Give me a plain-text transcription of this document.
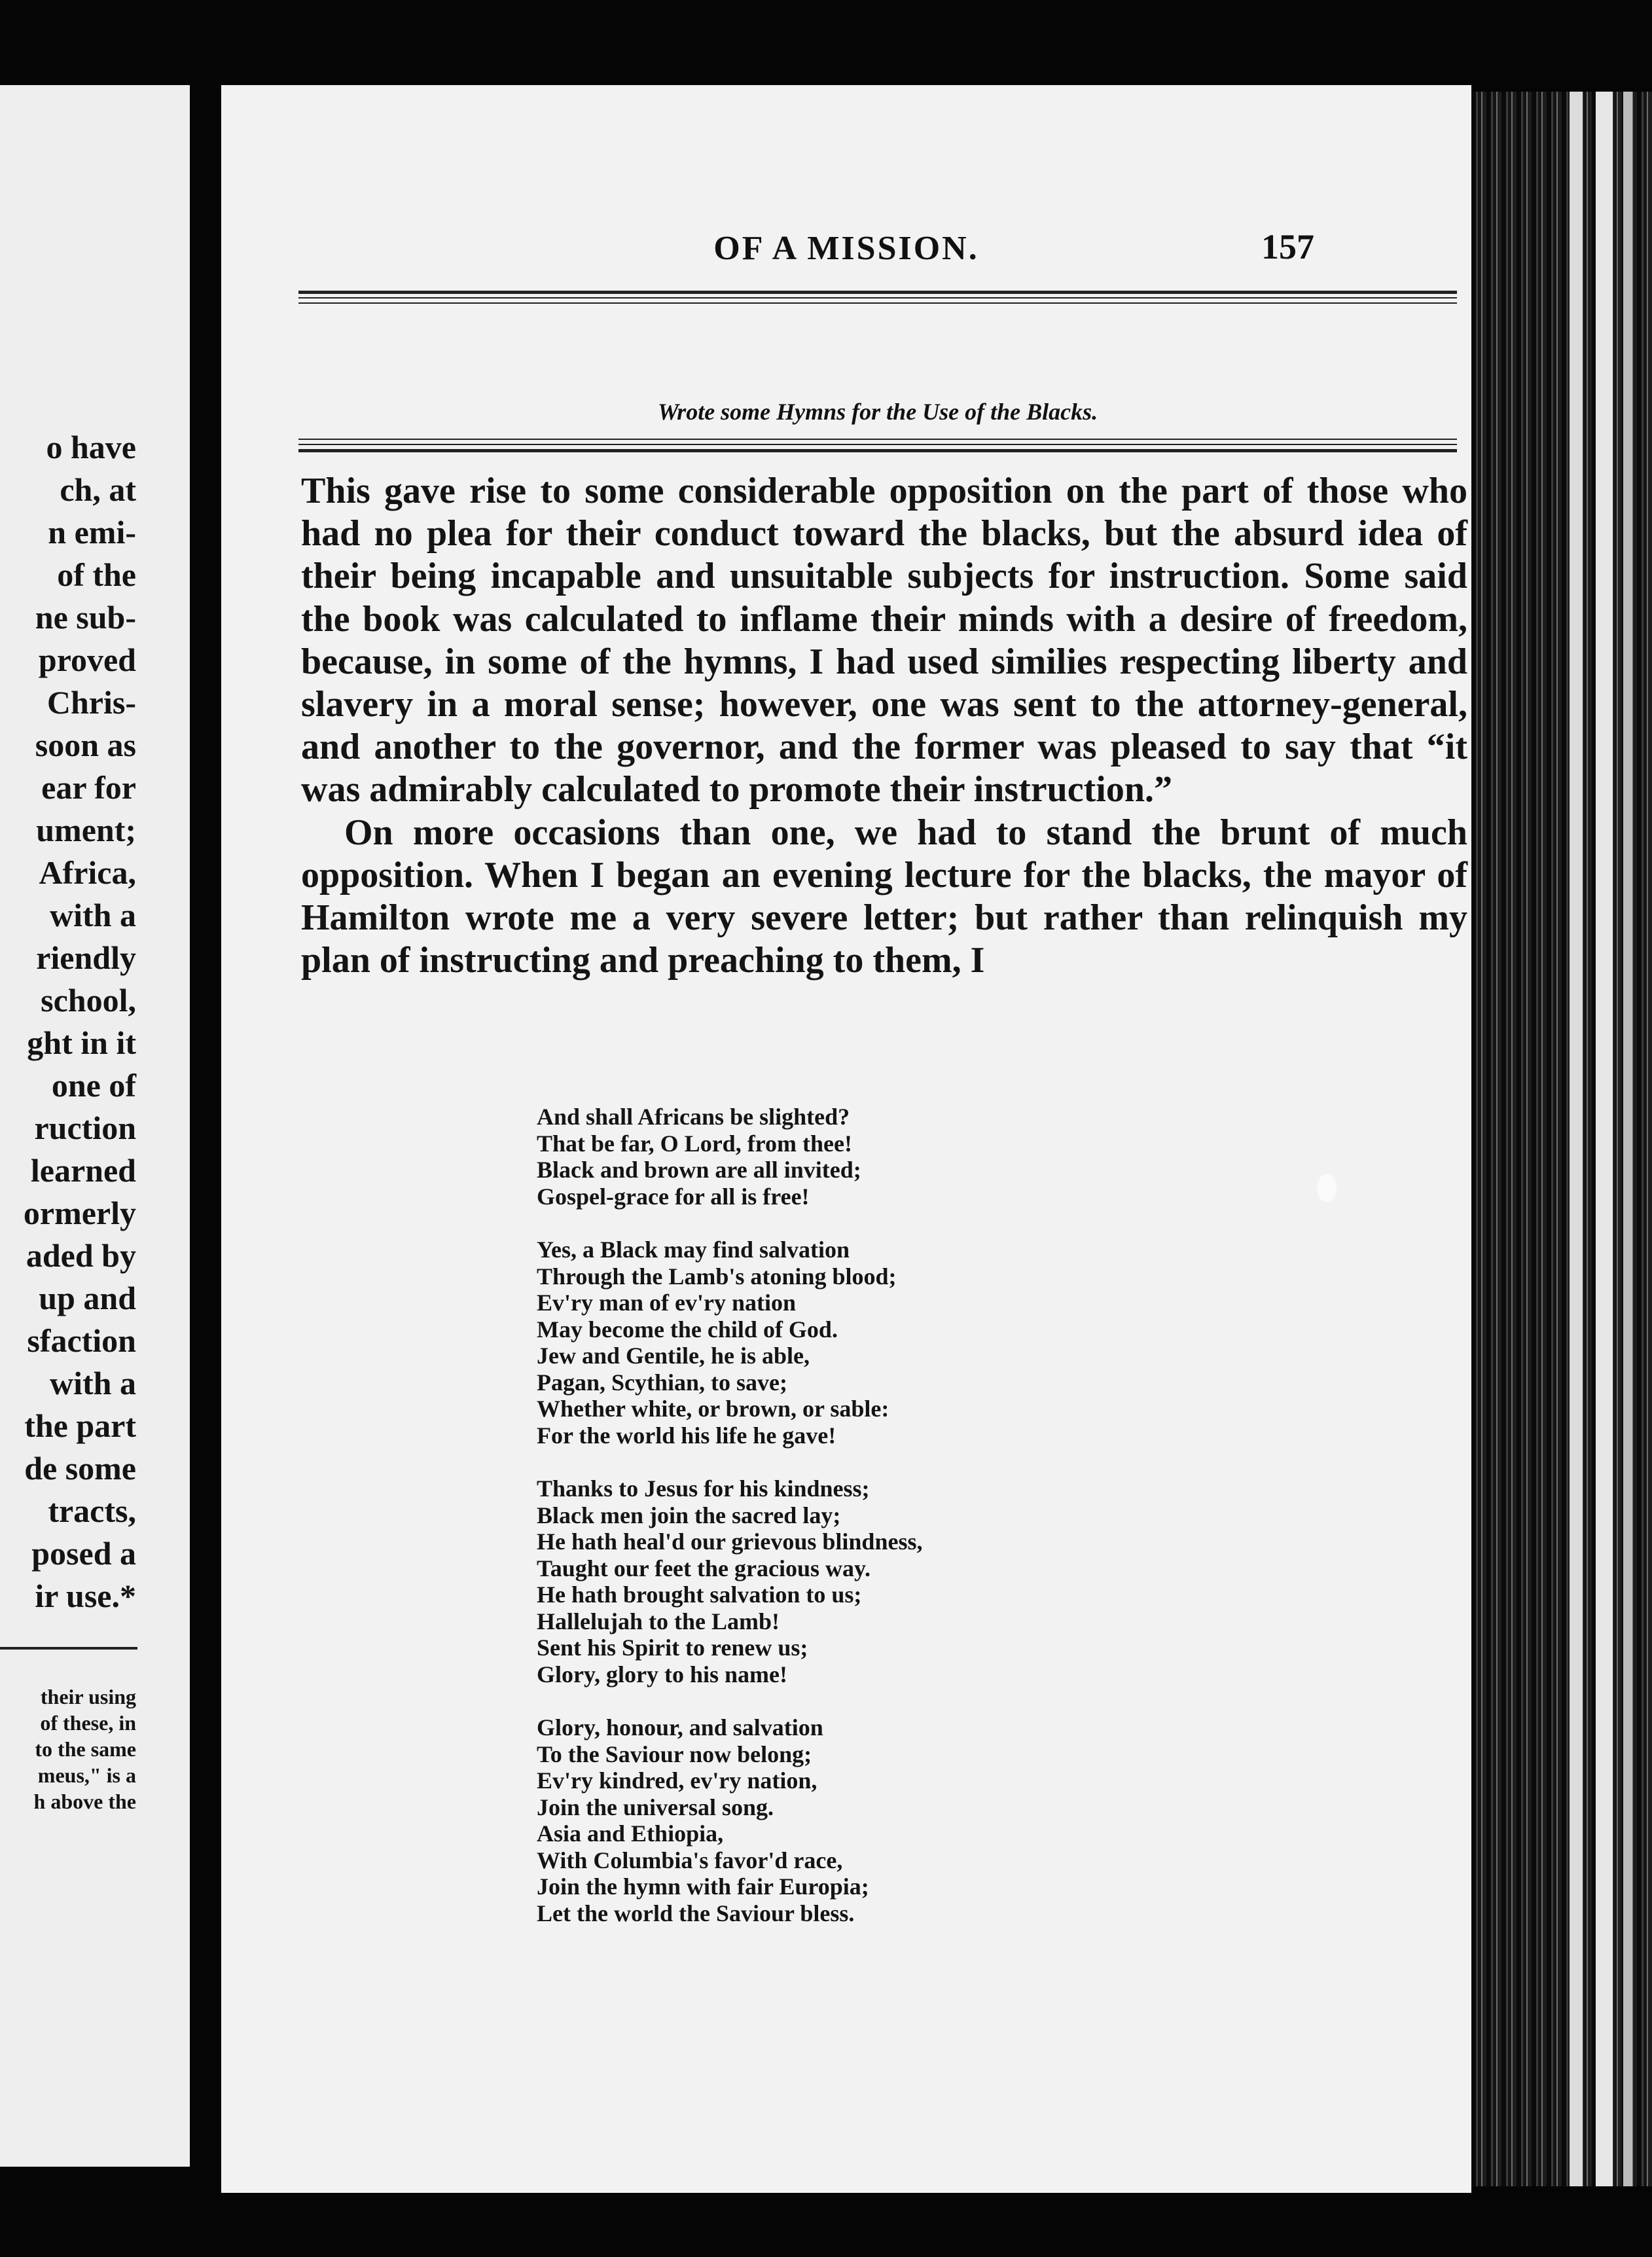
o have
ch, at
n emi-
of the
ne sub-
proved
Chris-
soon as
ear for
ument;
Africa,
with a
riendly
school,
ght in it
one of
ruction
learned
ormerly
aded by
up and
sfaction
with a
the part
de some
tracts,
posed a
ir use.*
their using
of these, in
to the same
meus," is a
h above the
OF A MISSION.	157
Wrote some Hymns for the Use of the Blacks.

This gave rise to some considerable opposition on the part of those who had no plea for their conduct toward the blacks, but the absurd idea of their being incapable and unsuitable subjects for instruction. Some said the book was calculated to inflame their minds with a desire of freedom, because, in some of the hymns, I had used similies respecting liberty and slavery in a moral sense; however, one was sent to the attorney-general, and another to the governor, and the former was pleased to say that “it was admirably calculated to promote their instruction.”

On more occasions than one, we had to stand the brunt of much opposition. When I began an evening lecture for the blacks, the mayor of Hamilton wrote me a very severe letter; but rather than relinquish my plan of instructing and preaching to them, I

And shall Africans be slighted?
That be far, O Lord, from thee!
Black and brown are all invited;
Gospel-grace for all is free!
Yes, a Black may find salvation
Through the Lamb's atoning blood;
Ev'ry man of ev'ry nation
May become the child of God.
Jew and Gentile, he is able,
Pagan, Scythian, to save;
Whether white, or brown, or sable:
For the world his life he gave!
Thanks to Jesus for his kindness;
Black men join the sacred lay;
He hath heal'd our grievous blindness,
Taught our feet the gracious way.
He hath brought salvation to us;
Hallelujah to the Lamb!
Sent his Spirit to renew us;
Glory, glory to his name!
Glory, honour, and salvation
To the Saviour now belong;
Ev'ry kindred, ev'ry nation,
Join the universal song.
Asia and Ethiopia,
With Columbia's favor'd race,
Join the hymn with fair Europia;
Let the world the Saviour bless.
